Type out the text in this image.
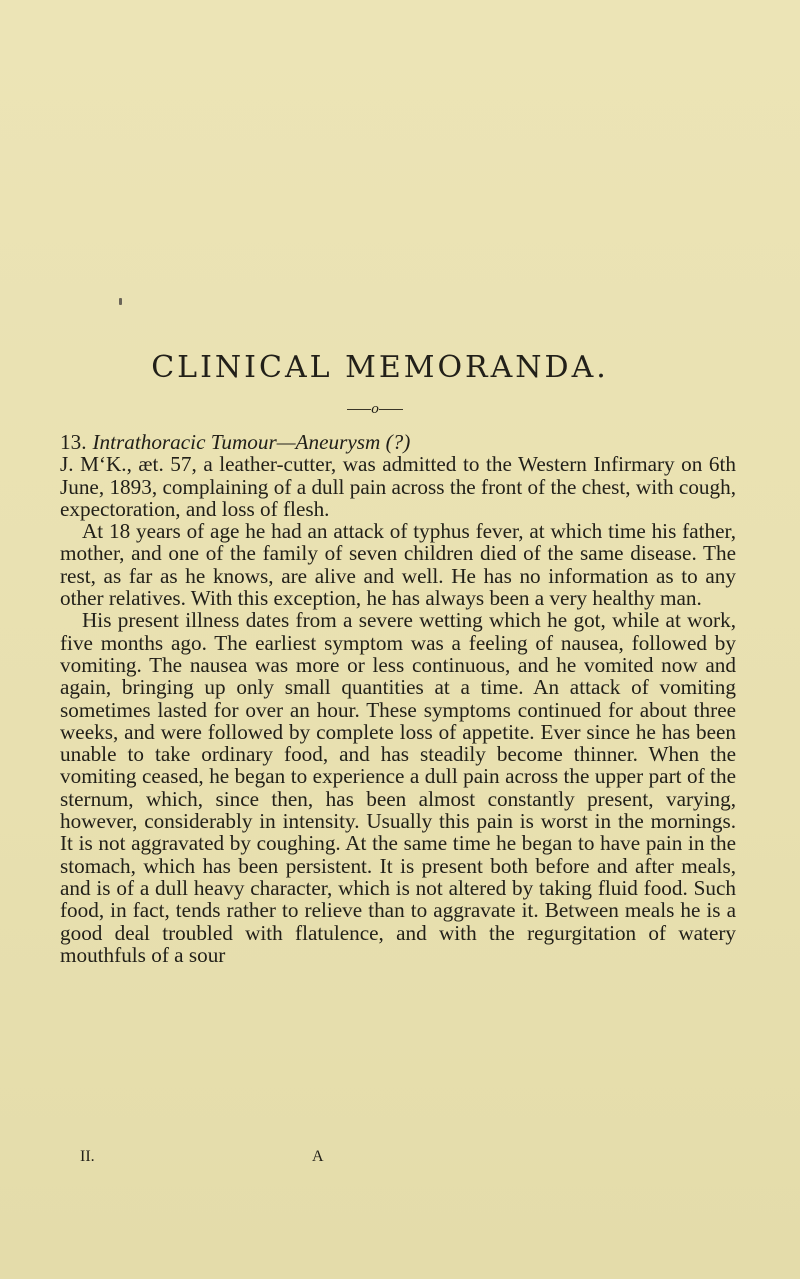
CLINICAL MEMORANDA.
o

13. Intrathoracic Tumour—Aneurysm (?)

J. M‘K., æt. 57, a leather-cutter, was admitted to the Western Infirmary on 6th June, 1893, complaining of a dull pain across the front of the chest, with cough, expectoration, and loss of flesh.

At 18 years of age he had an attack of typhus fever, at which time his father, mother, and one of the family of seven children died of the same disease. The rest, as far as he knows, are alive and well. He has no information as to any other relatives. With this exception, he has always been a very healthy man.

His present illness dates from a severe wetting which he got, while at work, five months ago. The earliest symptom was a feeling of nausea, followed by vomiting. The nausea was more or less continuous, and he vomited now and again, bringing up only small quantities at a time. An attack of vomiting sometimes lasted for over an hour. These symptoms continued for about three weeks, and were followed by complete loss of appetite. Ever since he has been unable to take ordinary food, and has steadily become thinner. When the vomiting ceased, he began to experience a dull pain across the upper part of the sternum, which, since then, has been almost constantly present, varying, however, considerably in intensity. Usually this pain is worst in the mornings. It is not aggravated by coughing. At the same time he began to have pain in the stomach, which has been persistent. It is present both before and after meals, and is of a dull heavy character, which is not altered by taking fluid food. Such food, in fact, tends rather to relieve than to aggravate it. Between meals he is a good deal troubled with flatulence, and with the regurgitation of watery mouthfuls of a sour

II.	A
